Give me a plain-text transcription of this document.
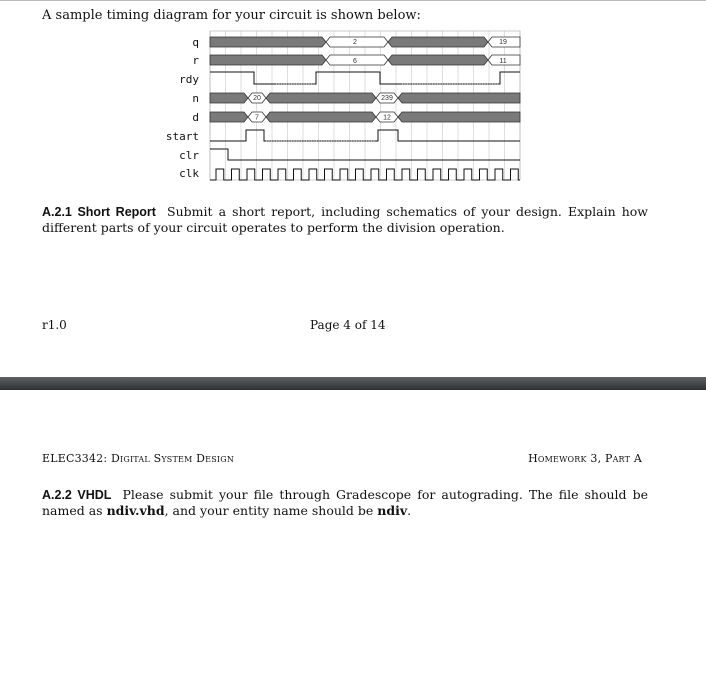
A sample timing diagram for your circuit is shown below:
q
r
rdy
n
d
start
clr
clk
2	19
6	11
20	239
7	12
A.2.1 Short Report Submit a short report, including schematics of your design. Explain how different parts of your circuit operates to perform the division operation.
r1.0	Page 4 of 14
ELEC3342: Digital System Design	Homework 3, Part A
A.2.2 VHDL Please submit your file through Gradescope for autograding. The file should be named as ndiv.vhd, and your entity name should be ndiv.
